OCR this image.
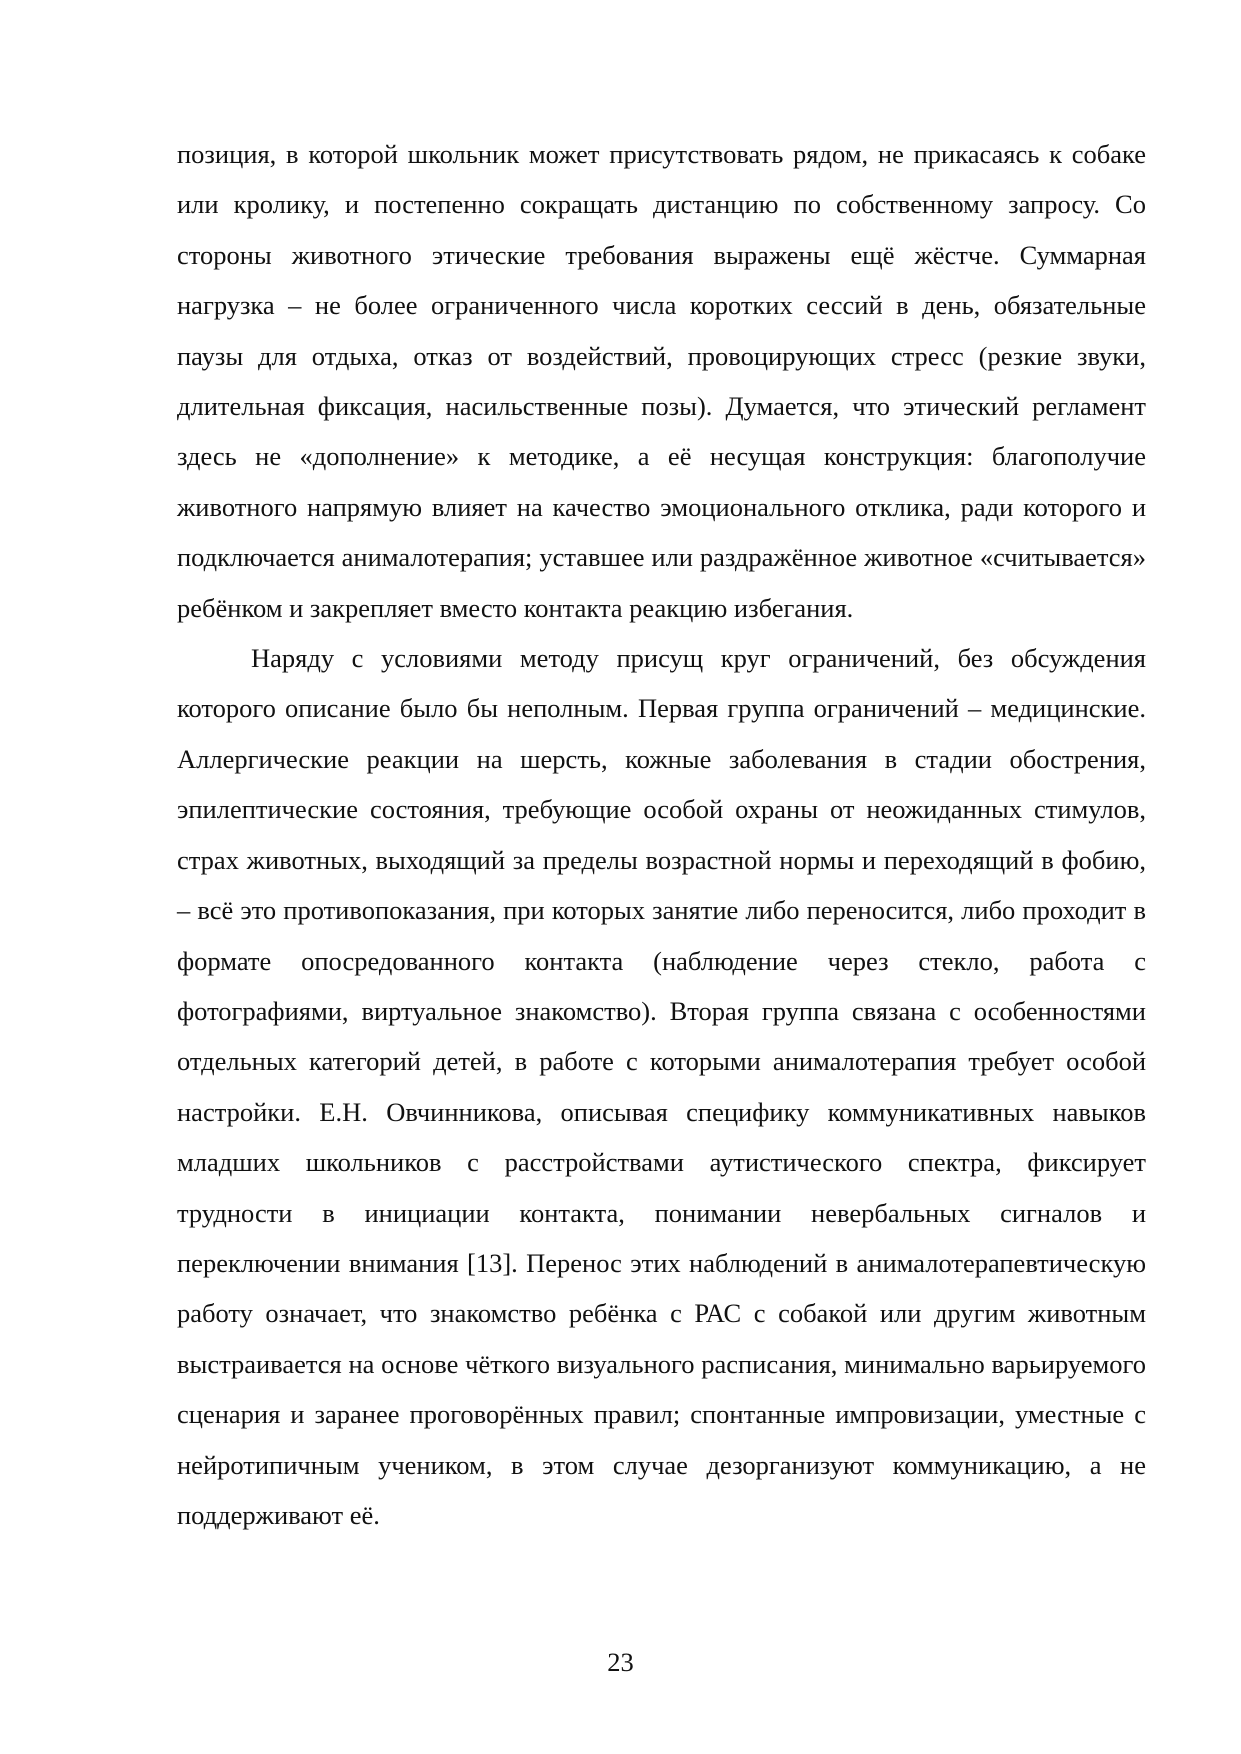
позиция, в которой школьник может присутствовать рядом, не прикасаясь к собаке или кролику, и постепенно сокращать дистанцию по собственному запросу. Со стороны животного этические требования выражены ещё жёстче. Суммарная нагрузка – не более ограниченного числа коротких сессий в день, обязательные паузы для отдыха, отказ от воздействий, провоцирующих стресс (резкие звуки, длительная фиксация, насильственные позы). Думается, что этический регламент здесь не «дополнение» к методике, а её несущая конструкция: благополучие животного напрямую влияет на качество эмоционального отклика, ради которого и подключается анималотерапия; уставшее или раздражённое животное «считывается» ребёнком и закрепляет вместо контакта реакцию избегания.

Наряду с условиями методу присущ круг ограничений, без обсуждения которого описание было бы неполным. Первая группа ограничений – медицинские. Аллергические реакции на шерсть, кожные заболевания в стадии обострения, эпилептические состояния, требующие особой охраны от неожиданных стимулов, страх животных, выходящий за пределы возрастной нормы и переходящий в фобию, – всё это противопоказания, при которых занятие либо переносится, либо проходит в формате опосредованного контакта (наблюдение через стекло, работа с фотографиями, виртуальное знакомство). Вторая группа связана с особенностями отдельных категорий детей, в работе с которыми анималотерапия требует особой настройки. Е.Н. Овчинникова, описывая специфику коммуникативных навыков младших школьников с расстройствами аутистического спектра, фиксирует трудности в инициации контакта, понимании невербальных сигналов и переключении внимания [13]. Перенос этих наблюдений в анималотерапевтическую работу означает, что знакомство ребёнка с РАС с собакой или другим животным выстраивается на основе чёткого визуального расписания, минимально варьируемого сценария и заранее проговорённых правил; спонтанные импровизации, уместные с нейротипичным учеником, в этом случае дезорганизуют коммуникацию, а не поддерживают её.

23
